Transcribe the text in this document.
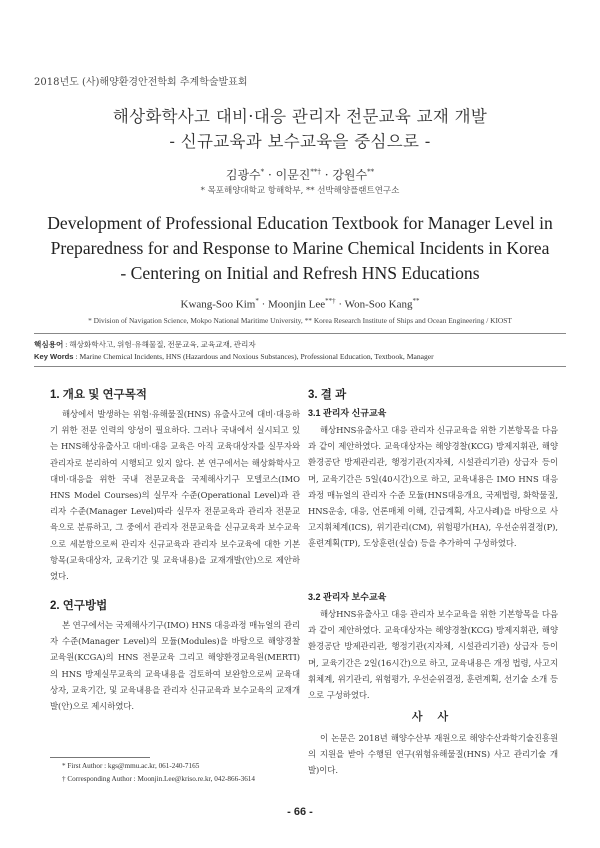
2018년도 (사)해양환경안전학회 추계학술발표회
해상화학사고 대비·대응 관리자 전문교육 교재 개발
- 신규교육과 보수교육을 중심으로 -
김광수* · 이문진**† · 강원수**
* 목포해양대학교 항해학부, ** 선박해양플랜트연구소
Development of Professional Education Textbook for Manager Level in
Preparedness for and Response to Marine Chemical Incidents in Korea
- Centering on Initial and Refresh HNS Educations
Kwang-Soo Kim* · Moonjin Lee**† · Won-Soo Kang**
* Division of Navigation Science, Mokpo National Maritime University, ** Korea Research Institute of Ships and Ocean Engineering / KIOST
핵심용어 : 해상화학사고, 위험·유해물질, 전문교육, 교육교재, 관리자
Key Words : Marine Chemical Incidents, HNS (Hazardous and Noxious Substances), Professional Education, Textbook, Manager
1. 개요 및 연구목적

해상에서 발생하는 위험·유해물질(HNS) 유출사고에 대비·대응하기 위한 전문 인력의 양성이 필요하다. 그러나 국내에서 실시되고 있는 HNS해상유출사고 대비·대응 교육은 아직 교육대상자를 실무자와 관리자로 분리하여 시행되고 있지 않다. 본 연구에서는 해상화학사고 대비·대응을 위한 국내 전문교육을 국제해사기구 모델코스(IMO HNS Model Courses)의 실무자 수준(Operational Level)과 관리자 수준(Manager Level)따라 실무자 전문교육과 관리자 전문교육으로 분류하고, 그 중에서 관리자 전문교육을 신규교육과 보수교육으로 세분함으로써 관리자 신규교육과 관리자 보수교육에 대한 기본항목(교육대상자, 교육기간 및 교육내용)을 교재개발(안)으로 제안하였다.

2. 연구방법

본 연구에서는 국제해사기구(IMO) HNS 대응과정 매뉴얼의 관리자 수준(Manager Level)의 모듈(Modules)을 바탕으로 해양경찰교육원(KCGA)의 HNS 전문교육 그리고 해양환경교육원(MERTI)의 HNS 방제실무교육의 교육내용을 검토하여 보완함으로써 교육대상자, 교육기간, 및 교육내용을 관리자 신규교육과 보수교육의 교재개발(안)으로 제시하였다.

3. 결 과
3.1 관리자 신규교육

해상HNS유출사고 대응 관리자 신규교육을 위한 기본항목을 다음과 같이 제안하였다. 교육대상자는 해양경찰(KCG) 방제지휘관, 해양환경공단 방제관리관, 행정기관(지자체, 시설관리기관) 상급자 등이며, 교육기간은 5일(40시간)으로 하고, 교육내용은 IMO HNS 대응과정 매뉴얼의 관리자 수준 모듈(HNS대응개요, 국제법령, 화학물질, HNS운송, 대응, 언론매체 이해, 긴급계획, 사고사례)을 바탕으로 사고지휘체계(ICS), 위기관리(CM), 위험평가(HA), 우선순위결정(P), 훈련계획(TP), 도상훈련(실습) 등을 추가하여 구성하였다.

3.2 관리자 보수교육

해상HNS유출사고 대응 관리자 보수교육을 위한 기본항목을 다음과 같이 제안하였다. 교육대상자는 해양경찰(KCG) 방제지휘관, 해양환경공단 방제관리관, 행정기관(지자체, 시설관리기관) 상급자 등이며, 교육기간은 2일(16시간)으로 하고, 교육내용은 개정 법령, 사고지휘체계, 위기관리, 위험평가, 우선순위결정, 훈련계획, 선기술 소개 등으로 구성하였다.

사 사

이 논문은 2018년 해양수산부 재원으로 해양수산과학기술진흥원의 지원을 받아 수행된 연구(위험유해물질(HNS) 사고 관리기술 개발)이다.

* First Author : kgs@mmu.ac.kr, 061-240-7165
† Corresponding Author : Moonjin.Lee@kriso.re.kr, 042-866-3614
- 66 -
